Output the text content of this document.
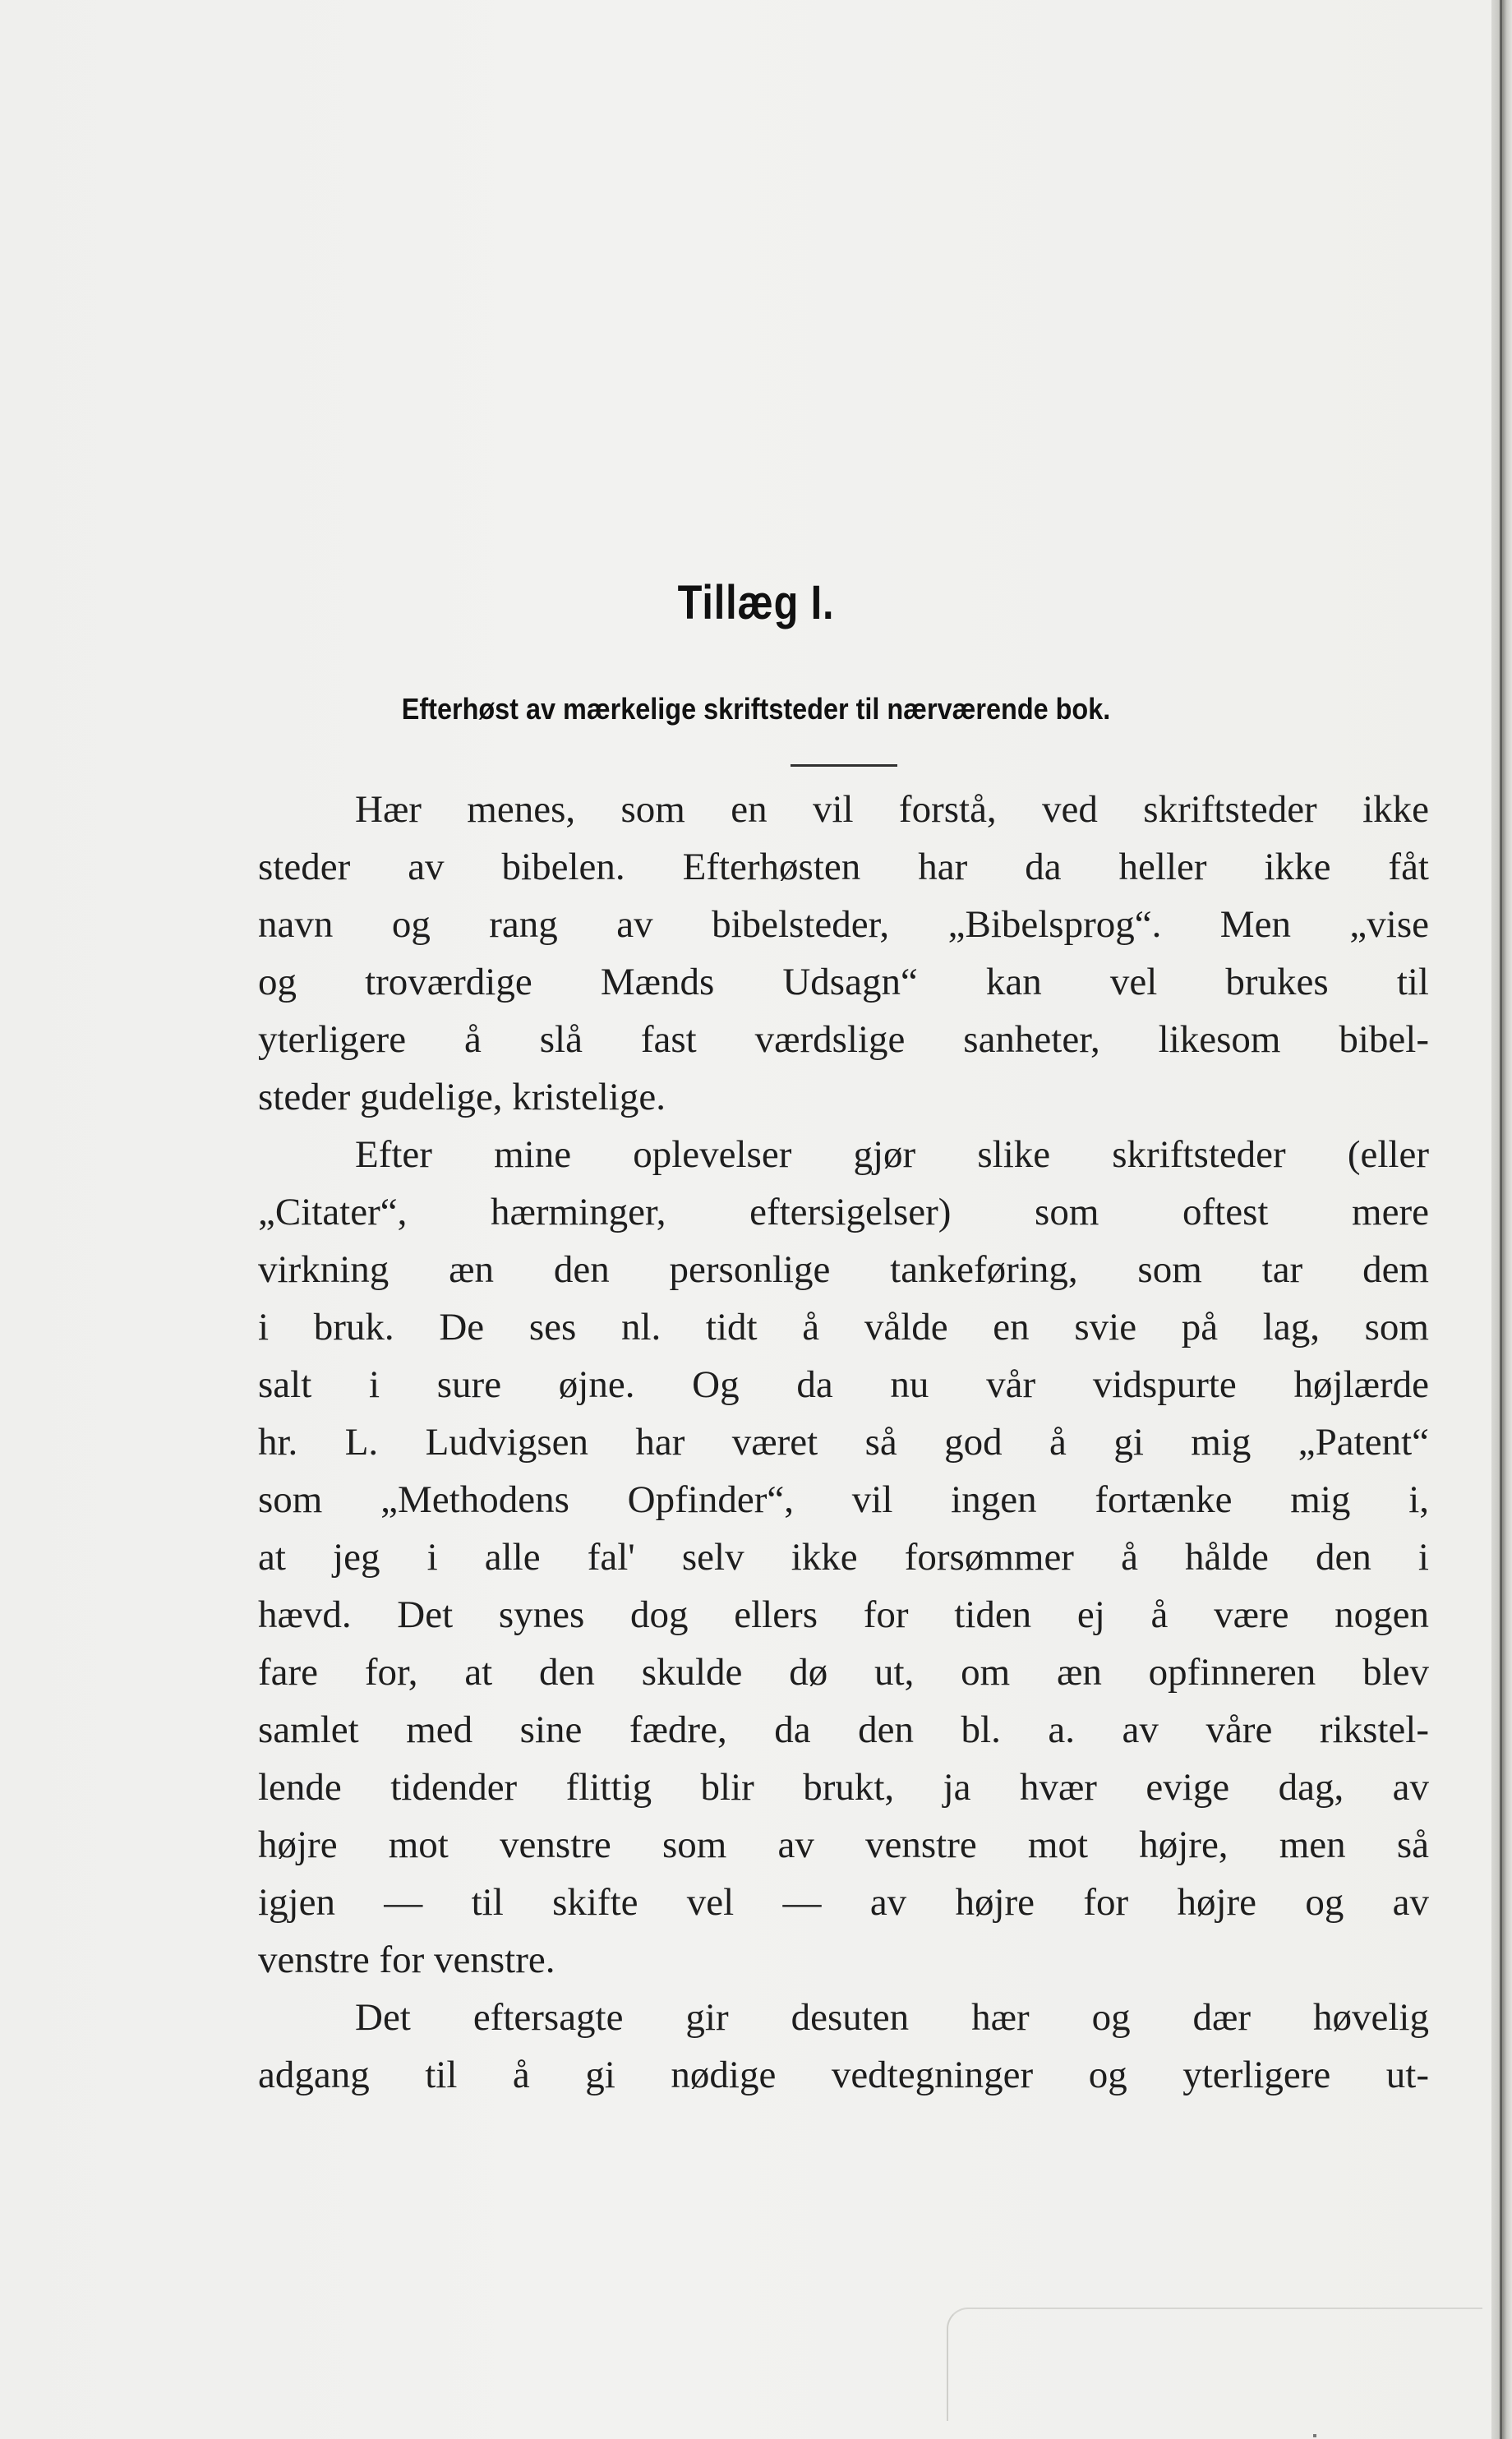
Tillæg I.
Efterhøst av mærkelige skriftsteder til nærværende bok.
Hær menes, som en vil forstå, ved skriftsteder ikke
steder av bibelen. Efterhøsten har da heller ikke fåt
navn og rang av bibelsteder, „Bibelsprog“. Men „vise
og troværdige Mænds Udsagn“ kan vel brukes til
yterligere å slå fast værdslige sanheter, likesom bibel-
steder gudelige, kristelige.
Efter mine oplevelser gjør slike skriftsteder (eller
„Citater“, hærminger, eftersigelser) som oftest mere
virkning æn den personlige tankeføring, som tar dem
i bruk. De ses nl. tidt å vålde en svie på lag, som
salt i sure øjne. Og da nu vår vidspurte højlærde
hr. L. Ludvigsen har været så god å gi mig „Patent“
som „Methodens Opfinder“, vil ingen fortænke mig i,
at jeg i alle fal' selv ikke forsømmer å hålde den i
hævd. Det synes dog ellers for tiden ej å være nogen
fare for, at den skulde dø ut, om æn opfinneren blev
samlet med sine fædre, da den bl. a. av våre rikstel-
lende tidender flittig blir brukt, ja hvær evige dag, av
højre mot venstre som av venstre mot højre, men så
igjen — til skifte vel — av højre for højre og av
venstre for venstre.
Det eftersagte gir desuten hær og dær høvelig
adgang til å gi nødige vedtegninger og yterligere ut-
